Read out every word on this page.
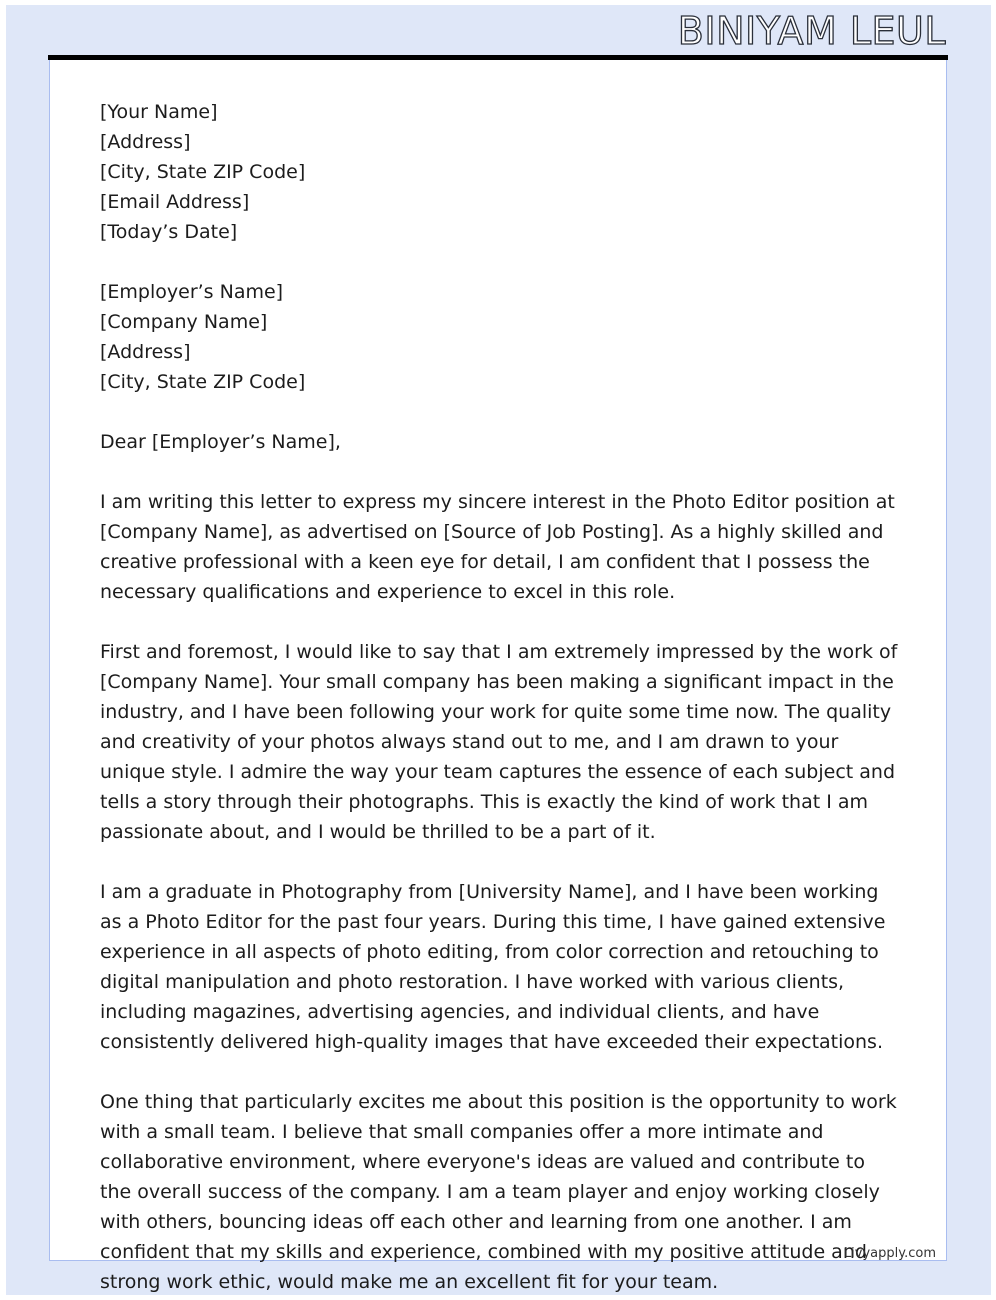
BINIYAM LEUL
[Your Name]
[Address]
[City, State ZIP Code]
[Email Address]
[Today’s Date]
[Employer’s Name]
[Company Name]
[Address]
[City, State ZIP Code]
Dear [Employer’s Name],

I am writing this letter to express my sincere interest in the Photo Editor position at [Company Name], as advertised on [Source of Job Posting]. As a highly skilled and creative professional with a keen eye for detail, I am confident that I possess the necessary qualifications and experience to excel in this role.

First and foremost, I would like to say that I am extremely impressed by the work of [Company Name]. Your small company has been making a significant impact in the industry, and I have been following your work for quite some time now. The quality and creativity of your photos always stand out to me, and I am drawn to your unique style. I admire the way your team captures the essence of each subject and tells a story through their photographs. This is exactly the kind of work that I am passionate about, and I would be thrilled to be a part of it.

I am a graduate in Photography from [University Name], and I have been working as a Photo Editor for the past four years. During this time, I have gained extensive experience in all aspects of photo editing, from color correction and retouching to digital manipulation and photo restoration. I have worked with various clients, including magazines, advertising agencies, and individual clients, and have consistently delivered high-quality images that have exceeded their expectations.

One thing that particularly excites me about this position is the opportunity to work with a small team. I believe that small companies offer a more intimate and collaborative environment, where everyone's ideas are valued and contribute to the overall success of the company. I am a team player and enjoy working closely with others, bouncing ideas off each other and learning from one another. I am confident that my skills and experience, combined with my positive attitude and strong work ethic, would make me an excellent fit for your team.

Livyapply.com
